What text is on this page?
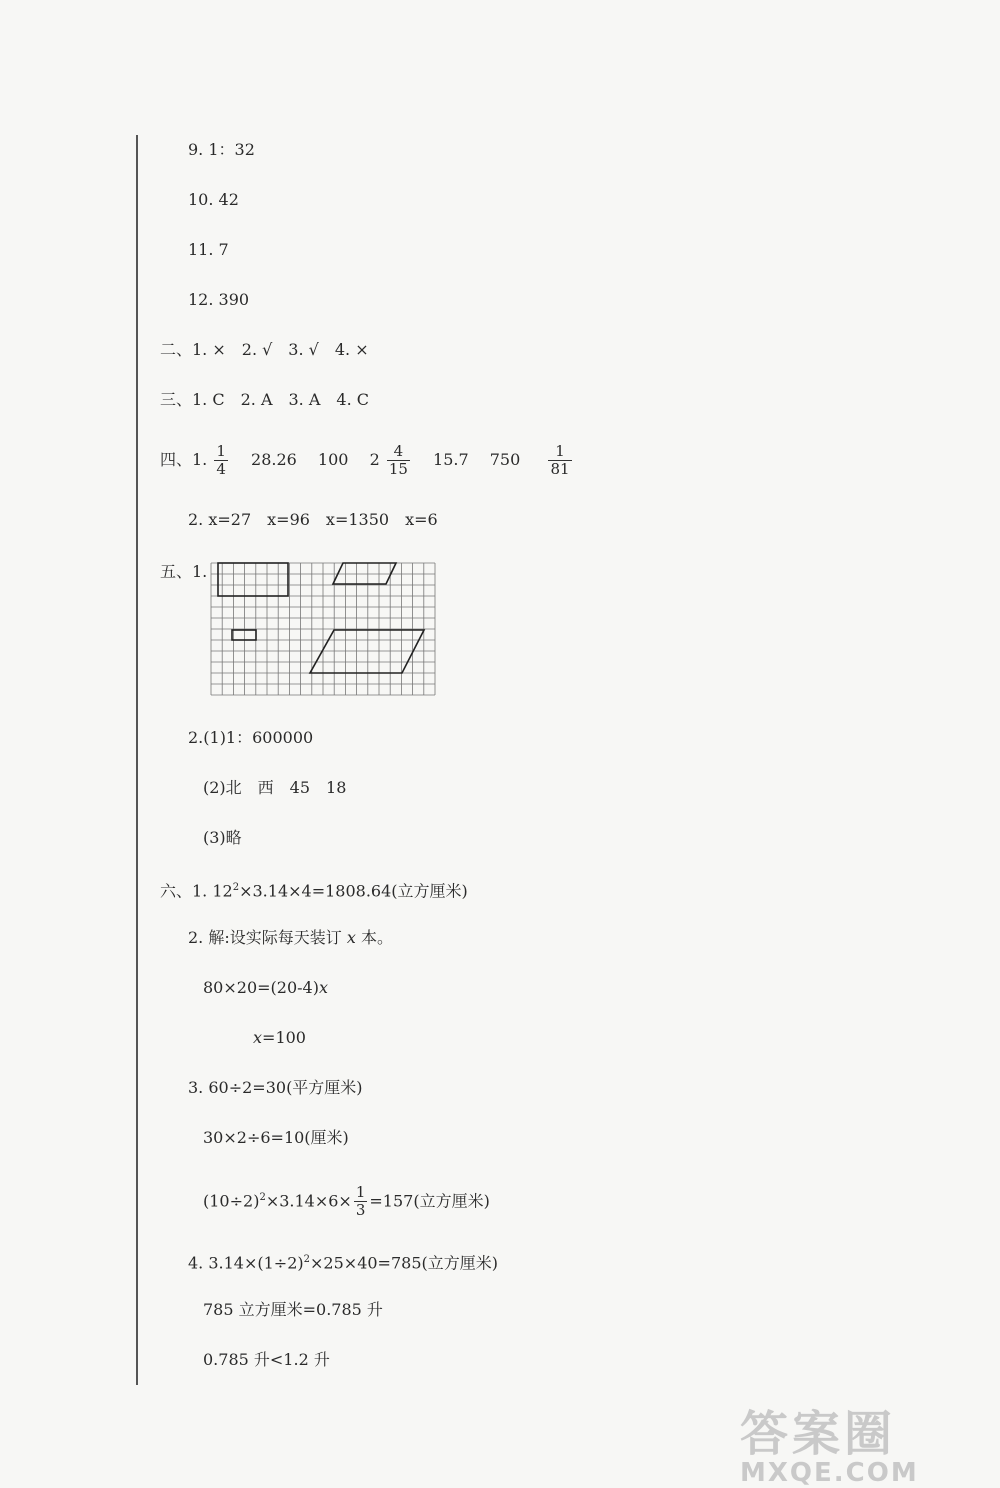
9. 1：32
10. 42
11. 7
12. 390
二、1. ×　2. √　3. √　4. ×
三、1. C　2. A　3. A　4. C
四、1. $\frac{1}{4} 28.26$ 100 $2 \frac{4}{15} 15.7$ $750 \frac{1}{81}$
2. x=27　x=96　x=1350　x=6
五、1.
2.(1)1：600000
(2)北　西　45　18
(3)略
六、1. $12^2\times 3.14\times 4=1808.64$(立方厘米)
2. 解:设实际每天装订 x 本。
80×20=(20-4)x
x=100
3. 60÷2=30(平方厘米)
30×2÷6=10(厘米)
$(10\div 2)^2\times 3.14\times 6\times \frac{1}{3} =157$(立方厘米)
4. $3.14\times(1\div 2)^2\times 25\times 40=785$(立方厘米)
785 立方厘米=0.785 升
0.785 升<1.2 升
答案圈
MXQE.COM
